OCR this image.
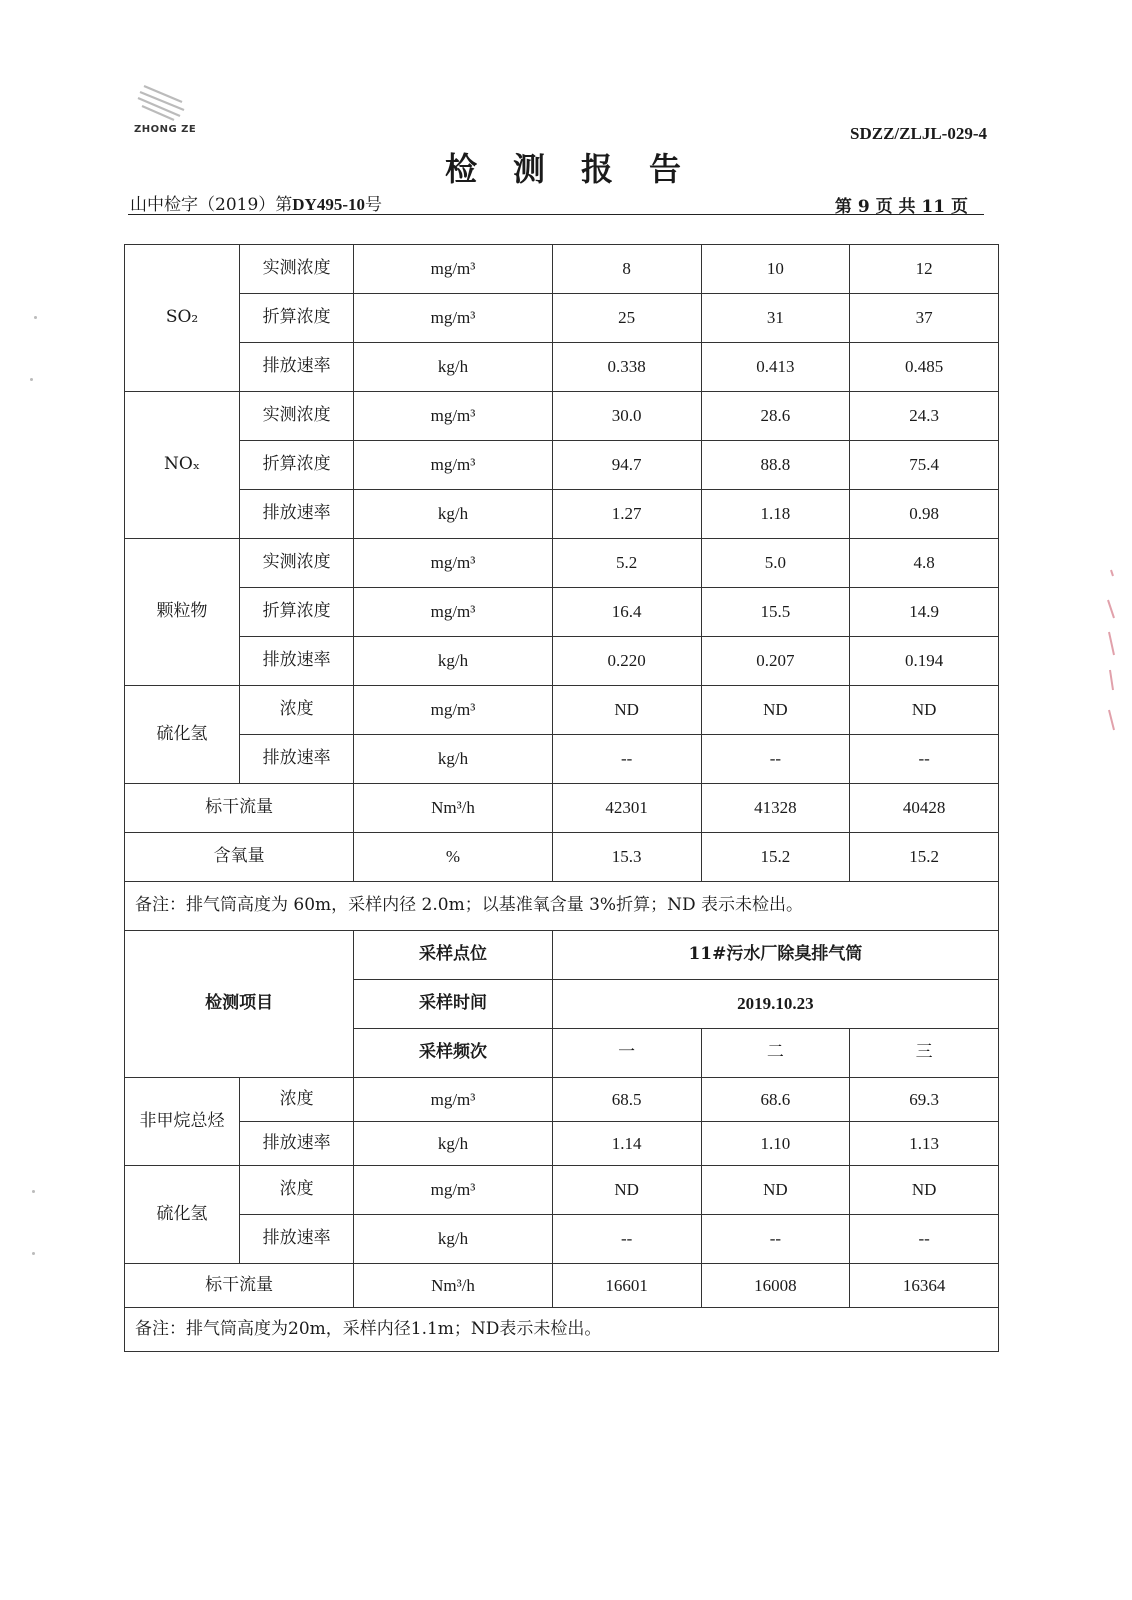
ZHONG ZE	SDZZ/ZLJL-029-4
检测报告
山中检字（2019）第DY495-10号	第 9 页 共 11 页
SO₂	实测浓度	mg/m³	8	10	12
	折算浓度	mg/m³	25	31	37
	排放速率	kg/h	0.338	0.413	0.485
NOₓ	实测浓度	mg/m³	30.0	28.6	24.3
	折算浓度	mg/m³	94.7	88.8	75.4
	排放速率	kg/h	1.27	1.18	0.98
颗粒物	实测浓度	mg/m³	5.2	5.0	4.8
	折算浓度	mg/m³	16.4	15.5	14.9
	排放速率	kg/h	0.220	0.207	0.194
硫化氢	浓度	mg/m³	ND	ND	ND
	排放速率	kg/h	--	--	--
标干流量		Nm³/h	42301	41328	40428
含氧量		%	15.3	15.2	15.2
备注：排气筒高度为 60m，采样内径 2.0m；以基准氧含量 3%折算；ND 表示未检出。					
检测项目		采样点位	11#污水厂除臭排气筒		
		采样时间	2019.10.23		
		采样频次	一	二	三
非甲烷总烃	浓度	mg/m³	68.5	68.6	69.3
	排放速率	kg/h	1.14	1.10	1.13
硫化氢	浓度	mg/m³	ND	ND	ND
	排放速率	kg/h	--	--	--
标干流量		Nm³/h	16601	16008	16364
备注：排气筒高度为20m，采样内径1.1m；ND表示未检出。					
